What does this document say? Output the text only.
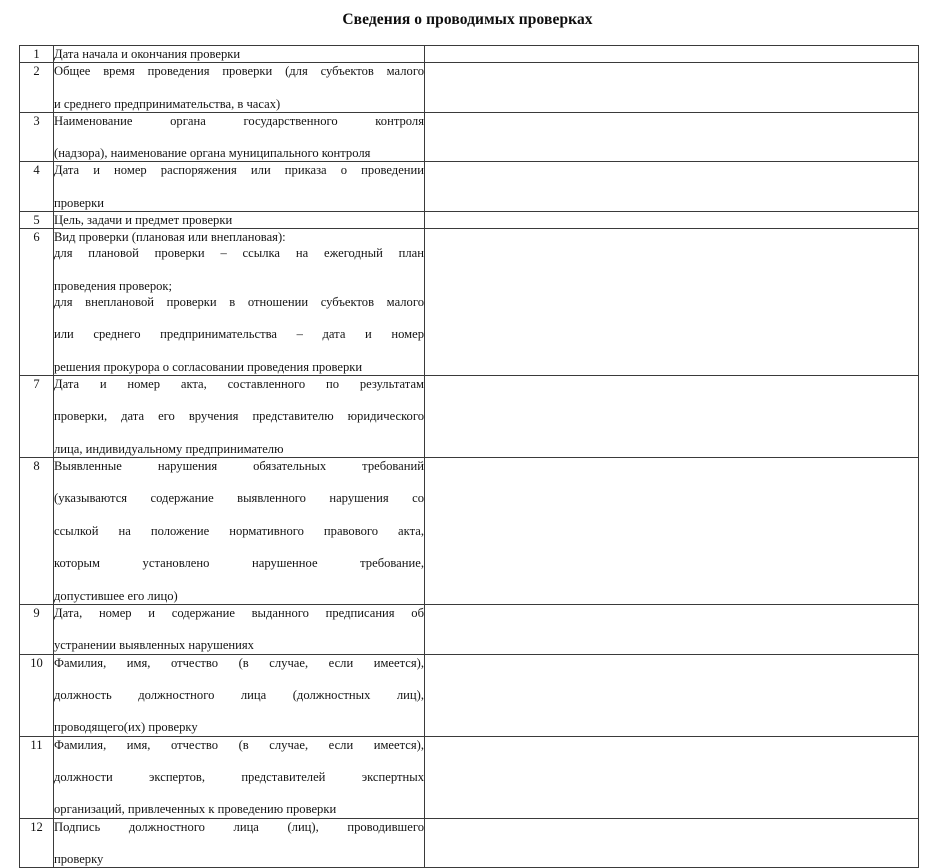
Сведения о проводимых проверках
1	Дата начала и окончания проверки	

2	Общее время проведения проверки (для субъектов малого
и среднего предпринимательства, в часах)	

3	Наименование органа государственного контроля
(надзора), наименование органа муниципального контроля	

4	Дата и номер распоряжения или приказа о проведении
проверки	

5	Цель, задачи и предмет проверки	

6	Вид проверки (плановая или внеплановая):
для плановой проверки – ссылка на ежегодный план
проведения проверок;
для внеплановой проверки в отношении субъектов малого
или среднего предпринимательства – дата и номер
решения прокурора о согласовании проведения проверки

7	Дата и номер акта, составленного по результатам
проверки, дата его вручения представителю юридического
лица, индивидуальному предпринимателю	

8	Выявленные нарушения обязательных требований
(указываются содержание выявленного нарушения со
ссылкой на положение нормативного правового акта,
которым установлено нарушенное требование,
допустившее его лицо)	

9	Дата, номер и содержание выданного предписания об
устранении выявленных нарушениях	

10	Фамилия, имя, отчество (в случае, если имеется),
должность должностного лица (должностных лиц),
проводящего(их) проверку	

11	Фамилия, имя, отчество (в случае, если имеется),
должности экспертов, представителей экспертных
организаций, привлеченных к проведению проверки	

12	Подпись должностного лица (лиц), проводившего
проверку	
